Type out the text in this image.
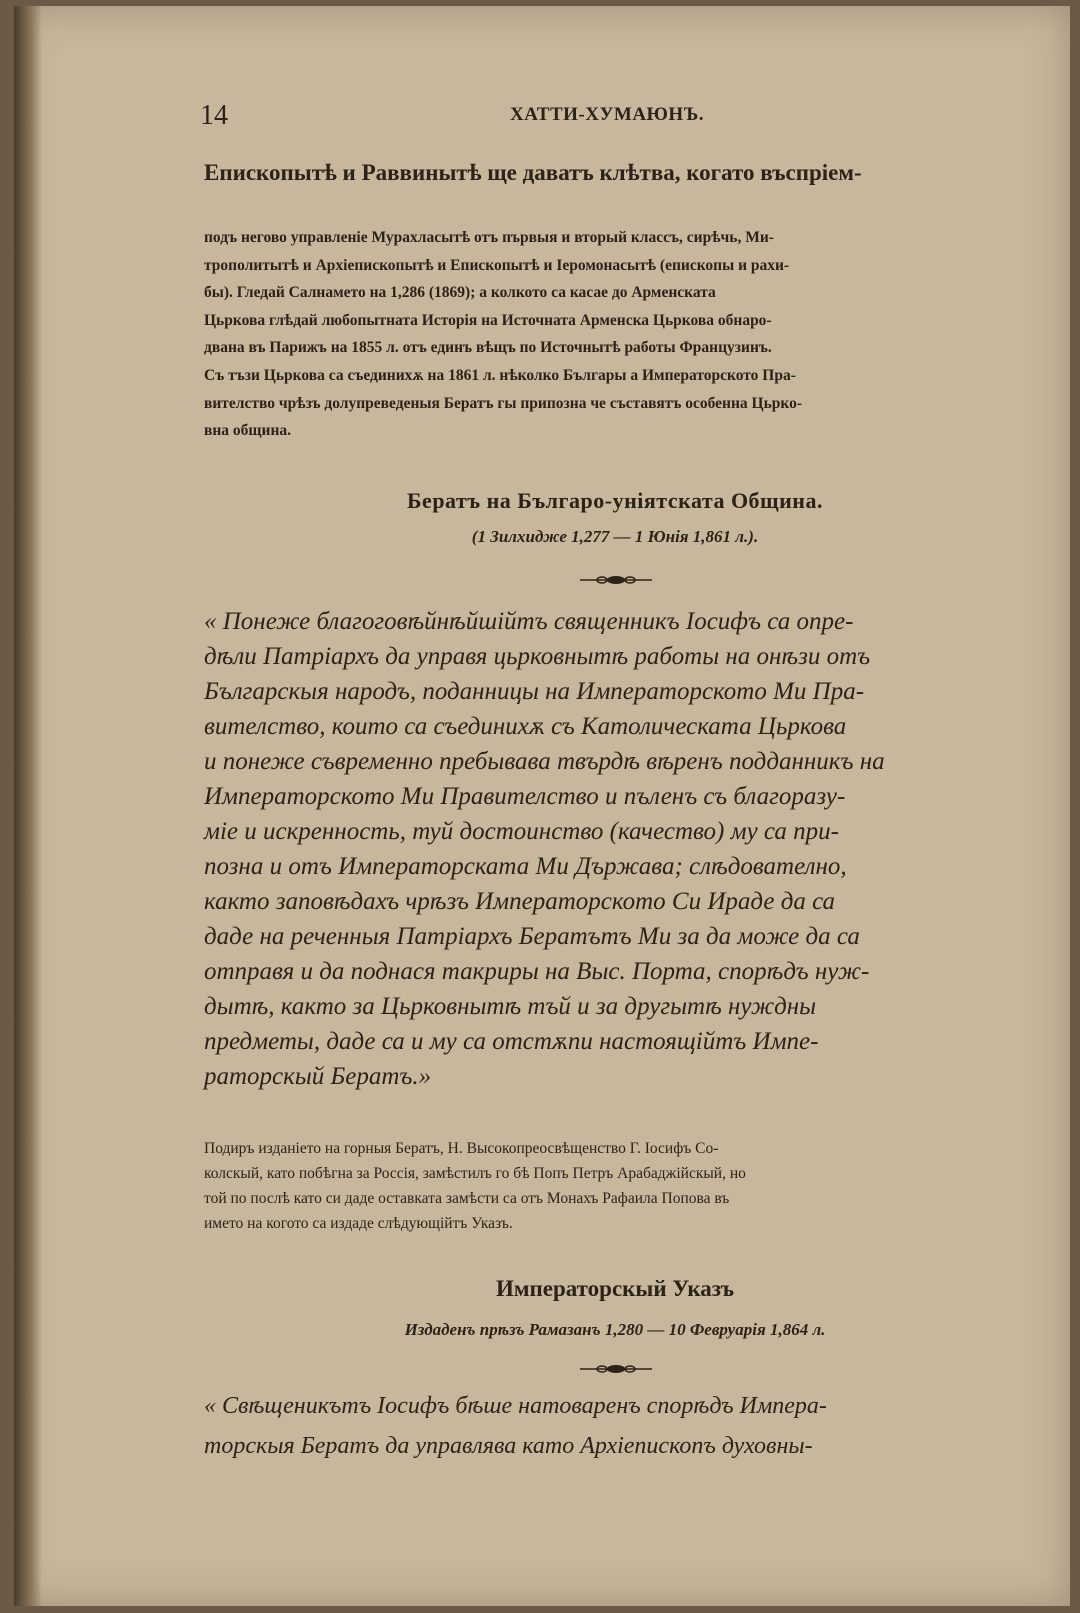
14	ХАТТИ-ХУМАЮНЪ.
Епископытѣ и Раввинытѣ ще даватъ клѣтва, когато въспріем-
подъ негово управленіе Мурахласытѣ отъ първыя и вторый классъ, сирѣчь, Ми-
трополитытѣ и Архіепископытѣ и Епископытѣ и Іеромонасытѣ (епископы и рахи-
бы). Гледай Салнамето на 1,286 (1869); а колкото са касае до Арменската
Цьркова глѣдай любопытната Исторія на Источната Арменска Цьркова обнаро-
двана въ Парижъ на 1855 л. отъ единъ вѣщъ по Источнытѣ работы Французинъ.
Съ тъзи Цьркова са съединихѫ на 1861 л. нѣколко Българы а Императорското Пра-
вителство чрѣзъ долупреведеныя Бератъ гы припозна че съставятъ особенна Цьрко-
вна община.
Бератъ на Българо-уніятската Община.
(1 Зилхидже 1,277 — 1 Юнія 1,861 л.).
« Понеже благоговѣйнѣйшійтъ священникъ Іосифъ са опре-
дѣли Патріархъ да управя цьрковнытѣ работы на онѣзи отъ
Българскыя народъ, поданницы на Императорското Ми Пра-
вителство, които са съединихѫ съ Католическата Цьркова
и понеже съвременно пребывава твърдѣ вѣренъ подданникъ на
Императорското Ми Правителство и пъленъ съ благоразу-
міе и искренность, туй достоинство (качество) му са при-
позна и отъ Императорската Ми Държава; слѣдователно,
както заповѣдахъ чрѣзъ Императорското Си Ираде да са
даде на реченныя Патріархъ Бератътъ Ми за да може да са
отправя и да поднася такриры на Выс. Порта, спорѣдъ нуж-
дытѣ, както за Цьрковнытѣ тъй и за другытѣ нуждны
предметы, даде са и му са отстѫпи настоящійтъ Импе-
раторскый Бератъ.»
Подиръ изданіето на горныя Бератъ, Н. Высокопреосвѣщенство Г. Іосифъ Со-
колскый, като побѣгна за Россія, замѣстилъ го бѣ Попъ Петръ Арабаджійскый, но
той по послѣ като си даде оставката замѣсти са отъ Монахъ Рафаила Попова въ
името на когото са издаде слѣдующійтъ Указъ.
Императорскый Указъ
Издаденъ прѣзъ Рамазанъ 1,280 — 10 Февруарія 1,864 л.
« Свѣщеникътъ Іосифъ бѣше натоваренъ спорѣдъ Импера-
торскыя Бератъ да управлява като Архіепископъ духовны-
